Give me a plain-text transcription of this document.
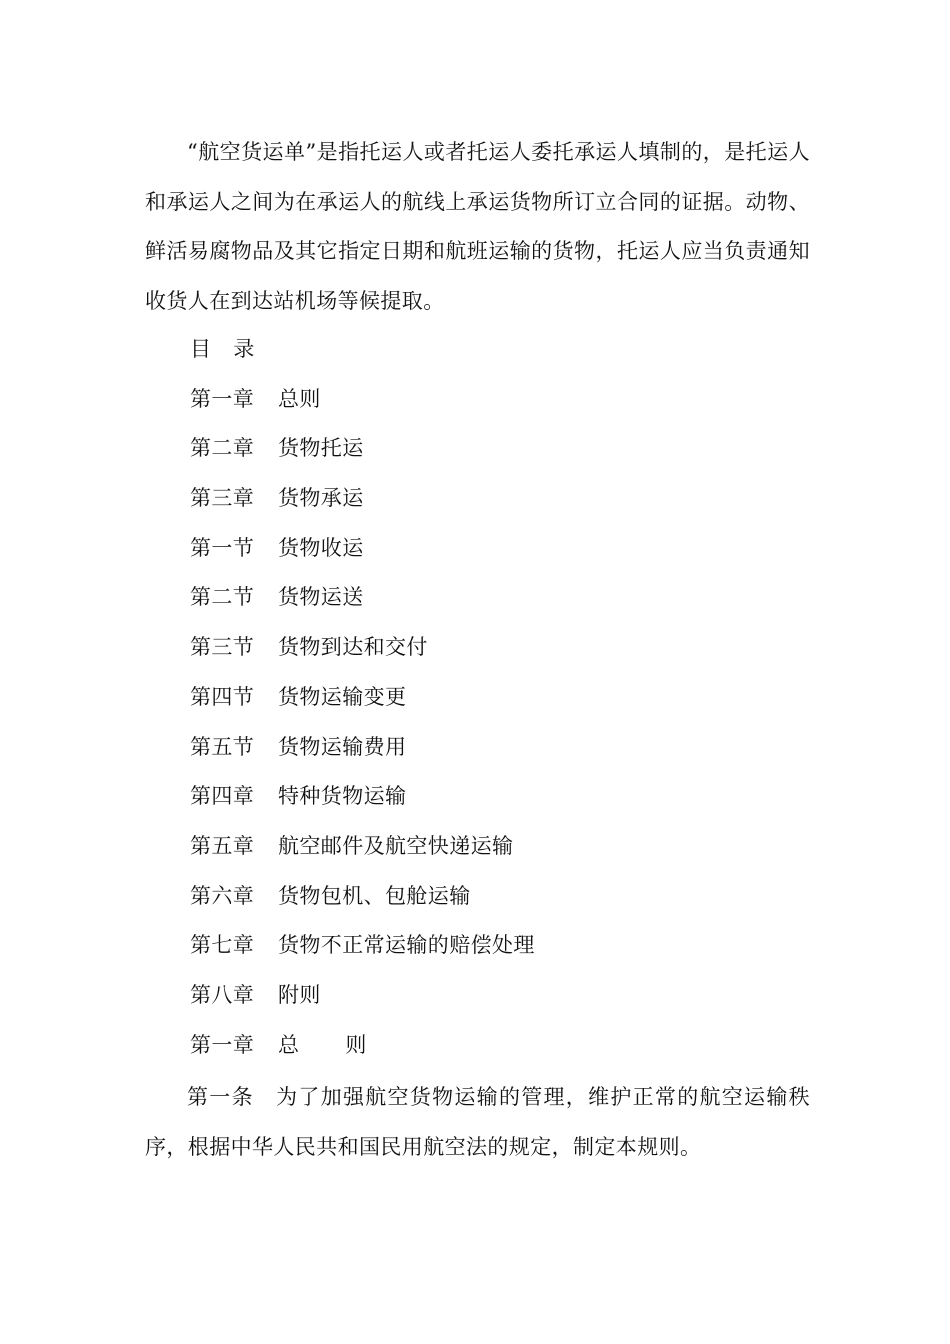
“航空货运单”是指托运人或者托运人委托承运人填制的，是托运人和承运人之间为在承运人的航线上承运货物所订立合同的证据。动物、鲜活易腐物品及其它指定日期和航班运输的货物，托运人应当负责通知收货人在到达站机场等候提取。

目 录
第一章 总则
第二章 货物托运
第三章 货物承运
第一节 货物收运
第二节 货物运送
第三节 货物到达和交付
第四节 货物运输变更
第五节 货物运输费用
第四章 特种货物运输
第五章 航空邮件及航空快递运输
第六章 货物包机、包舱运输
第七章 货物不正常运输的赔偿处理
第八章 附则
第一章 总 则

第一条　为了加强航空货物运输的管理，维护正常的航空运输秩序，根据中华人民共和国民用航空法的规定，制定本规则。
